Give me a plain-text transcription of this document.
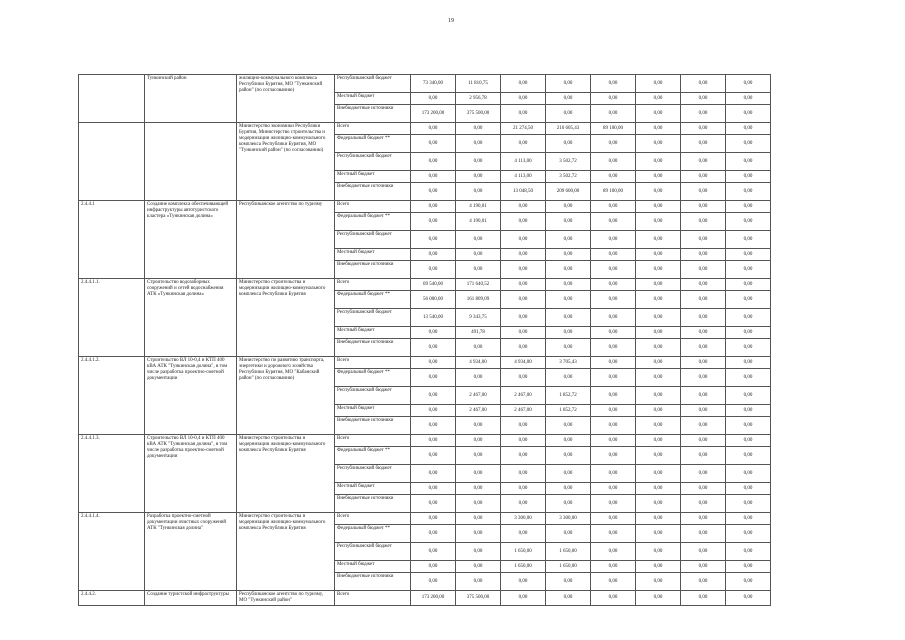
19
	Тункинский район	жилищно-коммунального комплекса Республики Бурятия, МО "Тункинский район" (по согласованию)	Республиканский бюджет	73 340,00	11 810,75	0,00	0,00	0,00	0,00	0,00	0,00
			Местный бюджет	0,00	2 956,78	0,00	0,00	0,00	0,00	0,00	0,00
			Внебюджетные источники	173 200,00	375 500,00	0,00	0,00	0,00	0,00	0,00	0,00
		Министерство экономики Республики Бурятия, Министерство строительства и модернизации жилищно-коммунального комплекса Республики Бурятия, МО "Тункинский район" (по согласованию)	Всего	0,00	0,00	21 274,50	216 605,43	89 100,00	0,00	0,00	0,00
			Федеральный бюджет **	0,00	0,00	0,00	0,00	0,00	0,00	0,00	0,00
			Республиканский бюджет	0,00	0,00	4 113,00	3 502,72	0,00	0,00	0,00	0,00
			Местный бюджет	0,00	0,00	4 113,00	3 502,72	0,00	0,00	0,00	0,00
			Внебюджетные источники	0,00	0,00	13 048,50	209 600,00	89 100,00	0,00	0,00	0,00
2.4.4.1	Создание комплекса обеспечивающей инфраструктуры автотуристского кластера «Тункинская долина»	Республиканское агентство по туризму	Всего	0,00	4 190,01	0,00	0,00	0,00	0,00	0,00	0,00
			Федеральный бюджет **	0,00	4 190,01	0,00	0,00	0,00	0,00	0,00	0,00
			Республиканский бюджет	0,00	0,00	0,00	0,00	0,00	0,00	0,00	0,00
			Местный бюджет	0,00	0,00	0,00	0,00	0,00	0,00	0,00	0,00
			Внебюджетные источники	0,00	0,00	0,00	0,00	0,00	0,00	0,00	0,00
2.4.4.1.1.	Строительство водозаборных сооружений и сетей водоснабжения АТК «Тункинская долина»	Министерство строительства и модернизации жилищно-коммунального комплекса Республики Бурятия	Всего	69 540,00	171 640,52	0,00	0,00	0,00	0,00	0,00	0,00
			Федеральный бюджет **	56 000,00	161 809,09	0,00	0,00	0,00	0,00	0,00	0,00
			Республиканский бюджет	13 540,00	9 343,75	0,00	0,00	0,00	0,00	0,00	0,00
			Местный бюджет	0,00	491,78	0,00	0,00	0,00	0,00	0,00	0,00
			Внебюджетные источники	0,00	0,00	0,00	0,00	0,00	0,00	0,00	0,00
2.4.4.1.2.	Строительство ВЛ 10-0,4 и КТП 400 кВА АТК "Тункинская долина", в том числе разработка проектно-сметной документации	Министерство по развитию транспорта, энергетики и дорожного хозяйства Республики Бурятия, МО "Кабанский район" (по согласованию)	Всего	0,00	4 934,00	4 934,00	3 705,43	0,00	0,00	0,00	0,00
			Федеральный бюджет **	0,00	0,00	0,00	0,00	0,00	0,00	0,00	0,00
			Республиканский бюджет	0,00	2 467,00	2 467,00	1 852,72	0,00	0,00	0,00	0,00
			Местный бюджет	0,00	2 467,00	2 467,00	1 852,72	0,00	0,00	0,00	0,00
			Внебюджетные источники	0,00	0,00	0,00	0,00	0,00	0,00	0,00	0,00
2.4.4.1.3.	Строительство ВЛ 10-0,4 и КТП 400 кВА АТК "Тункинская долина", в том числе разработка проектно-сметной документации	Министерство строительства и модернизации жилищно-коммунального комплекса Республики Бурятия	Всего	0,00	0,00	0,00	0,00	0,00	0,00	0,00	0,00
			Федеральный бюджет **	0,00	0,00	0,00	0,00	0,00	0,00	0,00	0,00
			Республиканский бюджет	0,00	0,00	0,00	0,00	0,00	0,00	0,00	0,00
			Местный бюджет	0,00	0,00	0,00	0,00	0,00	0,00	0,00	0,00
			Внебюджетные источники	0,00	0,00	0,00	0,00	0,00	0,00	0,00	0,00
2.4.4.1.4.	Разработка проектно-сметной документации очистных сооружений АТК "Тункинская долина"	Министерство строительства и модернизации жилищно-коммунального комплекса Республики Бурятия	Всего	0,00	0,00	3 300,00	3 300,00	0,00	0,00	0,00	0,00
			Федеральный бюджет **	0,00	0,00	0,00	0,00	0,00	0,00	0,00	0,00
			Республиканский бюджет	0,00	0,00	1 650,00	1 650,00	0,00	0,00	0,00	0,00
			Местный бюджет	0,00	0,00	1 650,00	1 650,00	0,00	0,00	0,00	0,00
			Внебюджетные источники	0,00	0,00	0,00	0,00	0,00	0,00	0,00	0,00
2.4.4.2.	Создание туристской инфраструктуры	Республиканское агентство по туризму, МО "Тункинский район"	Всего	173 200,00	375 500,00	0,00	0,00	0,00	0,00	0,00	0,00
